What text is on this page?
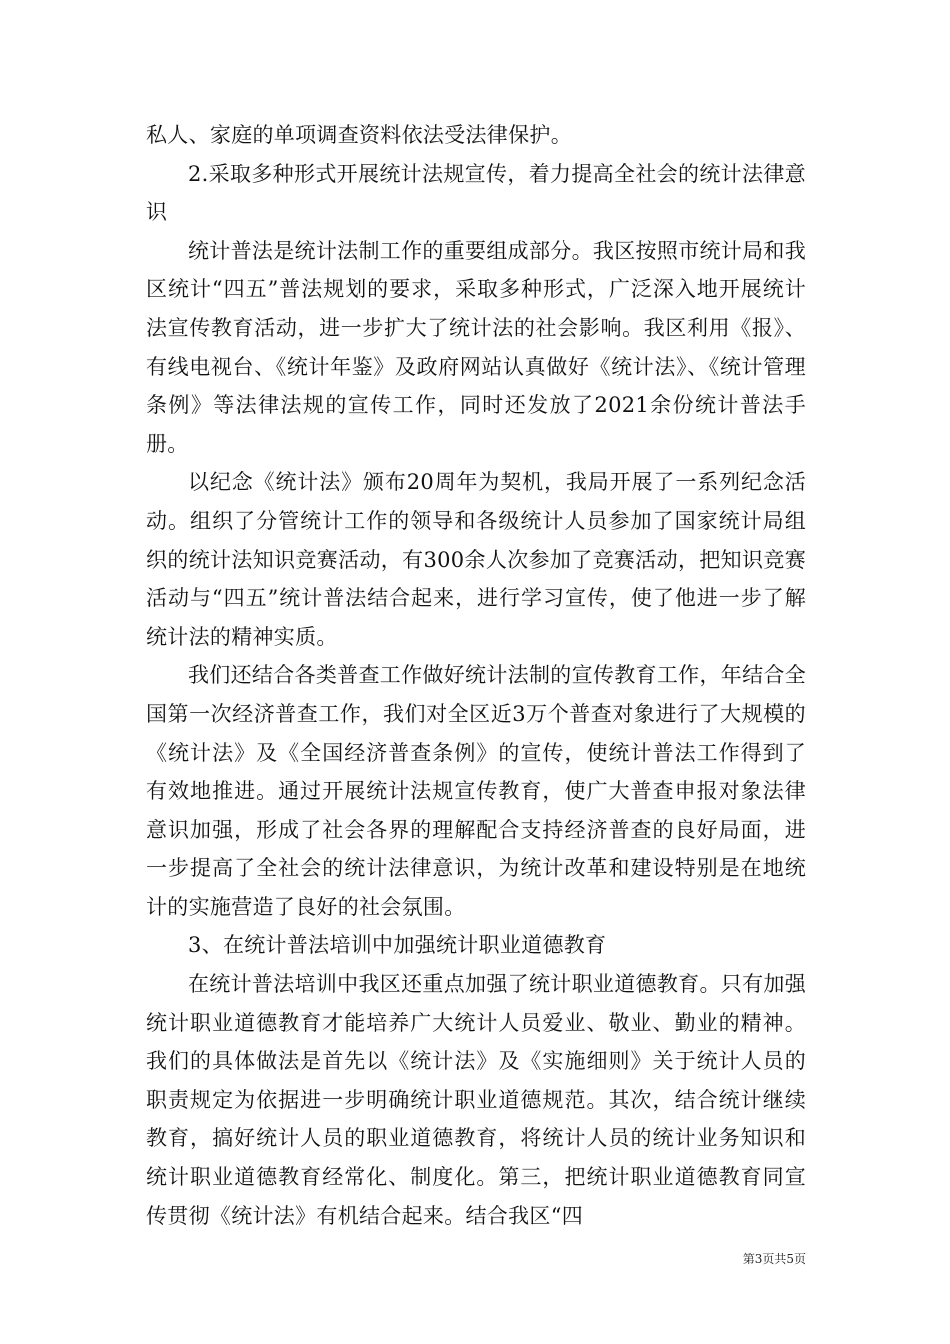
私人、家庭的单项调查资料依法受法律保护。

2.采取多种形式开展统计法规宣传，着力提高全社会的统计法律意识

统计普法是统计法制工作的重要组成部分。我区按照市统计局和我区统计“四五”普法规划的要求，采取多种形式，广泛深入地开展统计法宣传教育活动，进一步扩大了统计法的社会影响。我区利用《报》、有线电视台、《统计年鉴》及政府网站认真做好《统计法》、《统计管理条例》等法律法规的宣传工作，同时还发放了2021余份统计普法手册。

以纪念《统计法》颁布20周年为契机，我局开展了一系列纪念活动。组织了分管统计工作的领导和各级统计人员参加了国家统计局组织的统计法知识竞赛活动，有300余人次参加了竞赛活动，把知识竞赛活动与“四五”统计普法结合起来，进行学习宣传，使了他进一步了解统计法的精神实质。

我们还结合各类普查工作做好统计法制的宣传教育工作，年结合全国第一次经济普查工作，我们对全区近3万个普查对象进行了大规模的《统计法》及《全国经济普查条例》的宣传，使统计普法工作得到了有效地推进。通过开展统计法规宣传教育，使广大普查申报对象法律意识加强，形成了社会各界的理解配合支持经济普查的良好局面，进一步提高了全社会的统计法律意识，为统计改革和建设特别是在地统计的实施营造了良好的社会氛围。

3、在统计普法培训中加强统计职业道德教育

在统计普法培训中我区还重点加强了统计职业道德教育。只有加强统计职业道德教育才能培养广大统计人员爱业、敬业、勤业的精神。我们的具体做法是首先以《统计法》及《实施细则》关于统计人员的职责规定为依据进一步明确统计职业道德规范。其次，结合统计继续教育，搞好统计人员的职业道德教育，将统计人员的统计业务知识和统计职业道德教育经常化、制度化。第三，把统计职业道德教育同宣传贯彻《统计法》有机结合起来。结合我区“四

第3页共5页
